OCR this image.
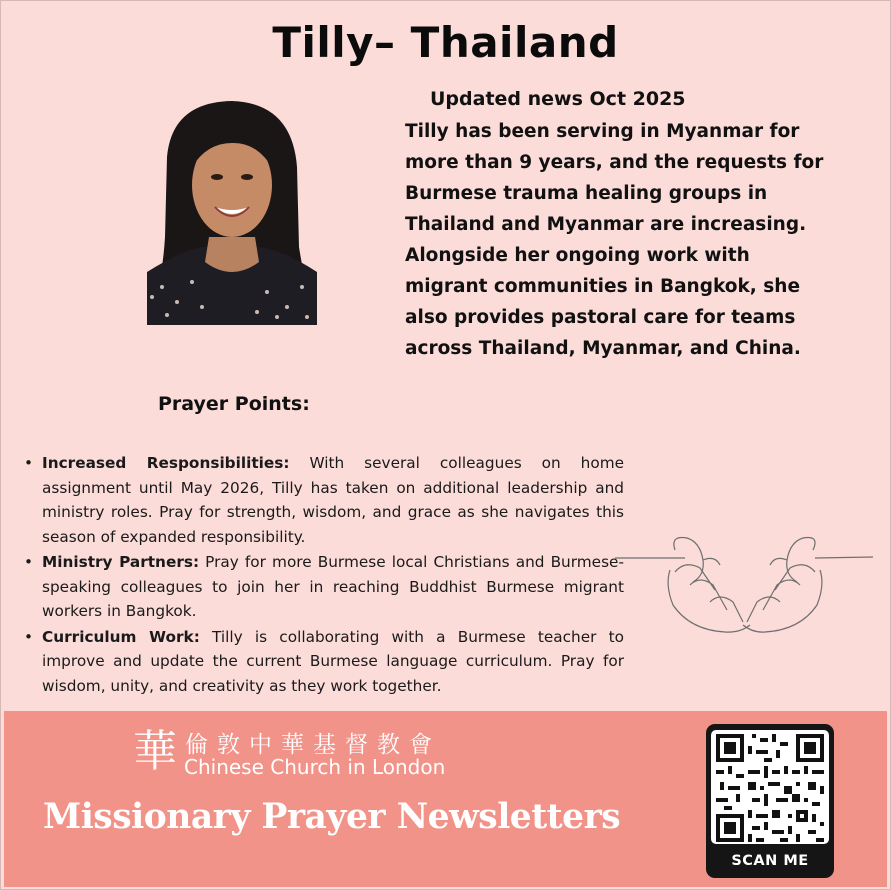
Tilly– Thailand
Updated news Oct 2025

Tilly has been serving in Myanmar for more than 9 years, and the requests for Burmese trauma healing groups in Thailand and Myanmar are increasing. Alongside her ongoing work with migrant communities in Bangkok, she also provides pastoral care for teams across Thailand, Myanmar, and China.

Prayer Points:
• Increased Responsibilities: With several colleagues on home assignment until May 2026, Tilly has taken on additional leadership and ministry roles. Pray for strength, wisdom, and grace as she navigates this season of expanded responsibility.
• Ministry Partners: Pray for more Burmese local Christians and Burmese-speaking colleagues to join her in reaching Buddhist Burmese migrant workers in Bangkok.
• Curriculum Work: Tilly is collaborating with a Burmese teacher to improve and update the current Burmese language curriculum. Pray for wisdom, unity, and creativity as they work together.
華 倫敦中華基督教會
Chinese Church in London
Missionary Prayer Newsletters
SCAN ME
